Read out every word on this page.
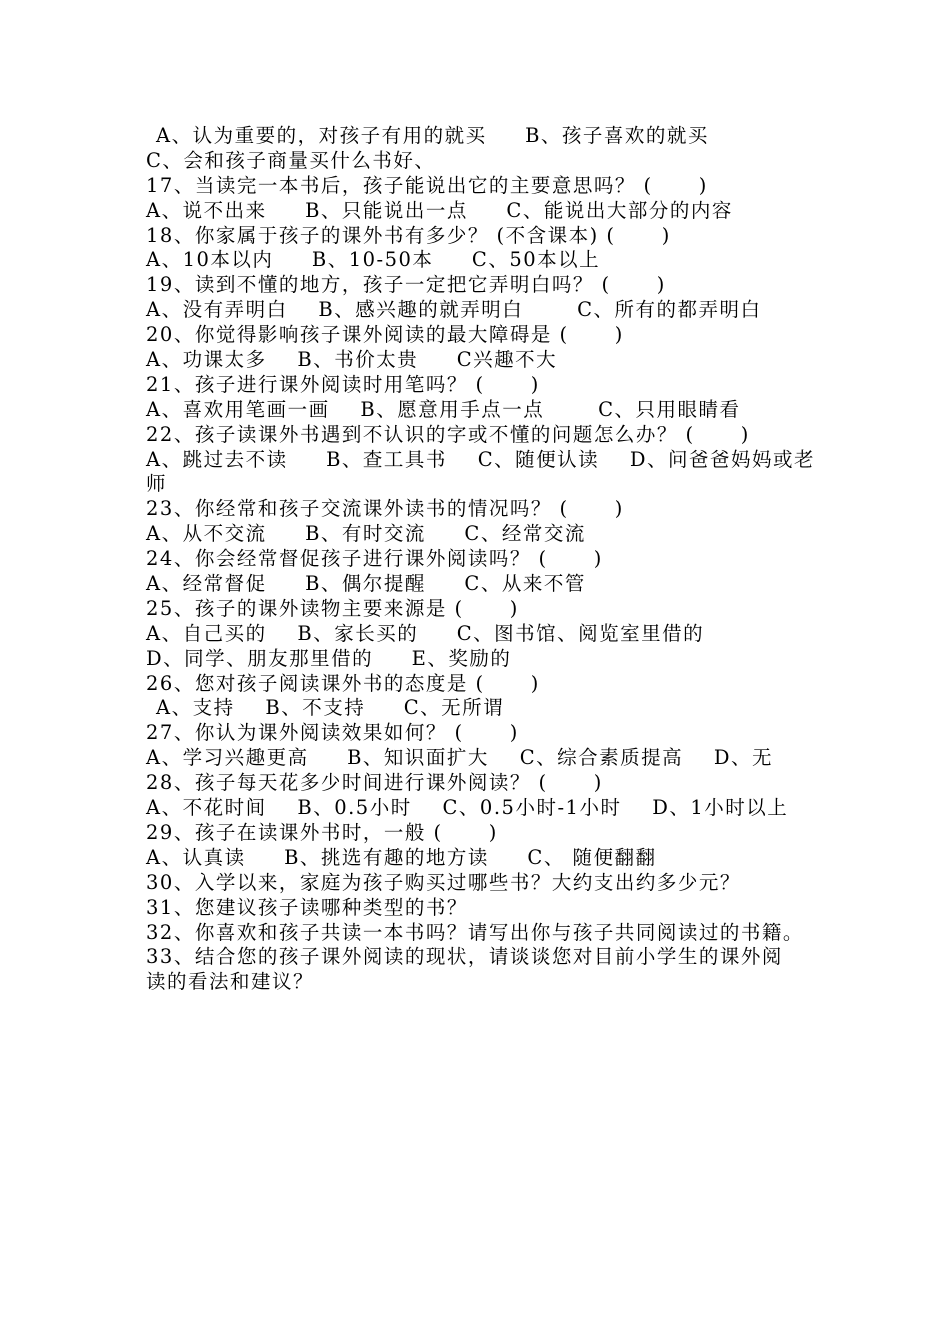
A、认为重要的，对孩子有用的就买     B、孩子喜欢的就买
C、会和孩子商量买什么书好、
17、当读完一本书后，孩子能说出它的主要意思吗？ (      )
A、说不出来     B、只能说出一点     C、能说出大部分的内容
18、你家属于孩子的课外书有多少？ (不含课本) (      )
A、10本以内     B、10-50本     C、50本以上
19、读到不懂的地方，孩子一定把它弄明白吗？ (      )
A、没有弄明白    B、感兴趣的就弄明白       C、所有的都弄明白
20、你觉得影响孩子课外阅读的最大障碍是 (      )
A、功课太多    B、书价太贵     C兴趣不大
21、孩子进行课外阅读时用笔吗？ (      )
A、喜欢用笔画一画    B、愿意用手点一点       C、只用眼睛看
22、孩子读课外书遇到不认识的字或不懂的问题怎么办？ (      )
A、跳过去不读     B、查工具书    C、随便认读    D、问爸爸妈妈或老
师
23、你经常和孩子交流课外读书的情况吗？ (      )
A、从不交流     B、有时交流     C、经常交流
24、你会经常督促孩子进行课外阅读吗？ (      )
A、经常督促     B、偶尔提醒     C、从来不管
25、孩子的课外读物主要来源是 (      )
A、自己买的    B、家长买的     C、图书馆、阅览室里借的
D、同学、朋友那里借的     E、奖励的
26、您对孩子阅读课外书的态度是 (      )
A、支持    B、不支持     C、无所谓
27、你认为课外阅读效果如何？ (      )
A、学习兴趣更高     B、知识面扩大    C、综合素质提高    D、无
28、孩子每天花多少时间进行课外阅读？ (      )
A、不花时间    B、0.5小时    C、0.5小时-1小时    D、1小时以上
29、孩子在读课外书时，一般 (      )
A、认真读     B、挑选有趣的地方读     C、 随便翻翻
30、入学以来，家庭为孩子购买过哪些书？大约支出约多少元？
31、您建议孩子读哪种类型的书？
32、你喜欢和孩子共读一本书吗？请写出你与孩子共同阅读过的书籍。
33、结合您的孩子课外阅读的现状，请谈谈您对目前小学生的课外阅
读的看法和建议？
